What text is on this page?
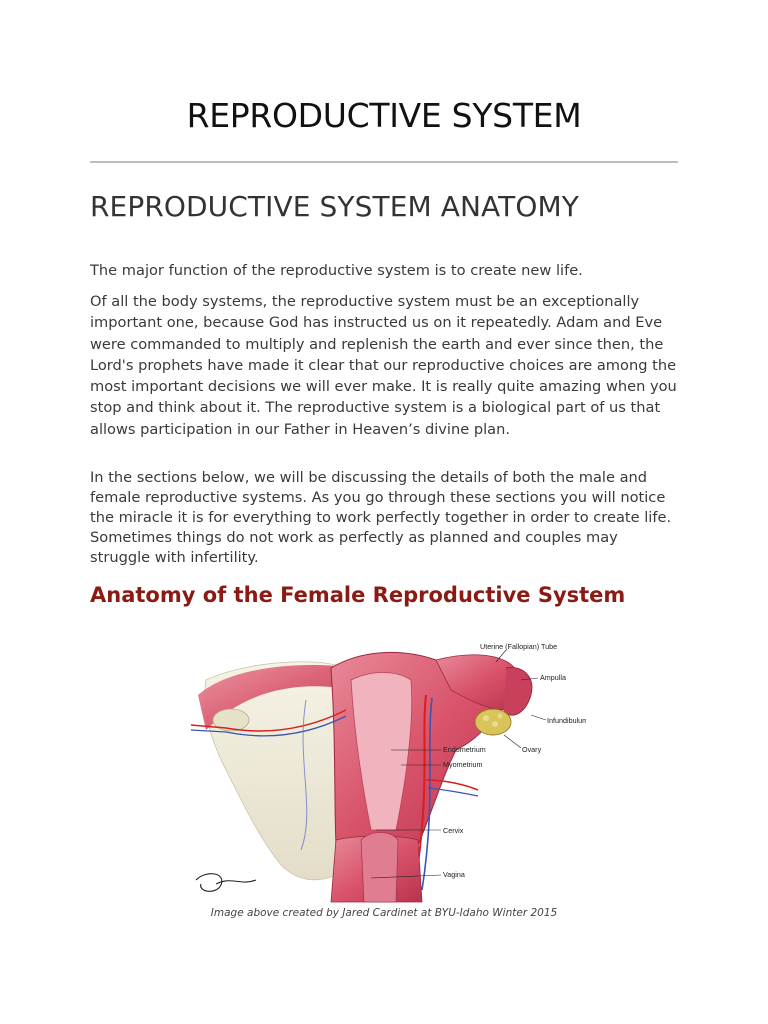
REPRODUCTIVE SYSTEM
REPRODUCTIVE SYSTEM ANATOMY

The major function of the reproductive system is to create new life.

Of all the body systems, the reproductive system must be an exceptionally important one, because God has instructed us on it repeatedly. Adam and Eve were commanded to multiply and replenish the earth and ever since then, the Lord's prophets have made it clear that our reproductive choices are among the most important decisions we will ever make. It is really quite amazing when you stop and think about it. The reproductive system is a biological part of us that allows participation in our Father in Heaven’s divine plan.

In the sections below, we will be discussing the details of both the male and female reproductive systems. As you go through these sections you will notice the miracle it is for everything to work perfectly together in order to create life. Sometimes things do not work as perfectly as planned and couples may struggle with infertility.

Anatomy of the Female Reproductive System
Uterine (Fallopian) Tube
Ampulla
Infundibulum
Ovary
Endometrium
Myometrium
Cervix
Vagina
Image above created by Jared Cardinet at BYU-Idaho Winter 2015
